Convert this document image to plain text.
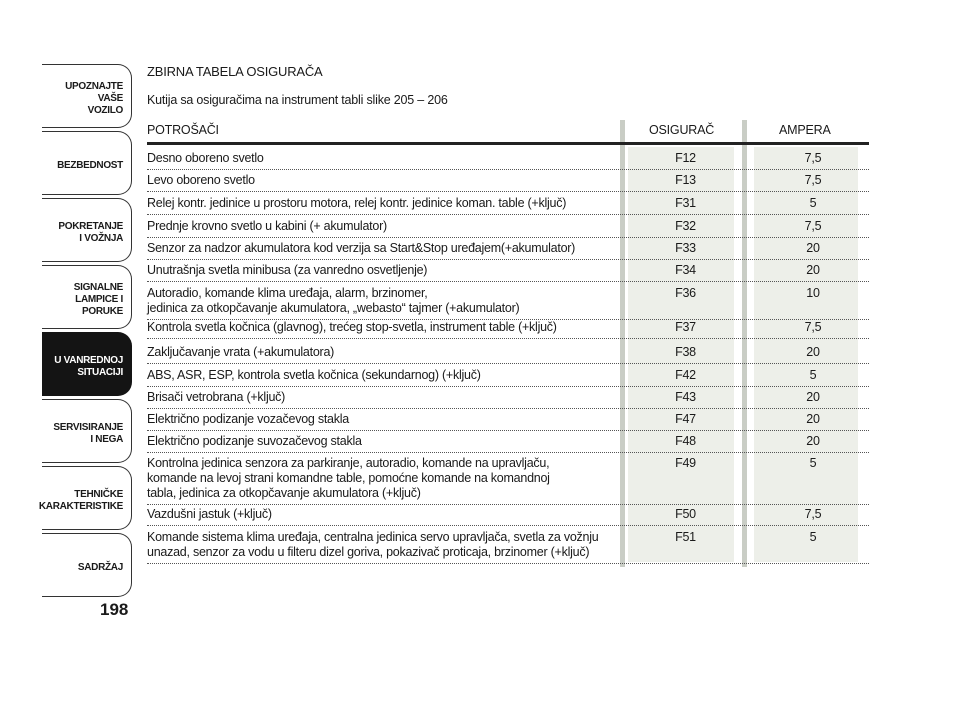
UPOZNAJTE
VAŠE
VOZILO
BEZBEDNOST
POKRETANJE
I VOŽNJA
SIGNALNE
LAMPICE I PORUKE
U VANREDNOJ
SITUACIJI
SERVISIRANJE
I NEGA
TEHNIČKE
KARAKTERISTIKE
SADRŽAJ
198
ZBIRNA TABELA OSIGURAČA
Kutija sa osiguračima na instrument tabli slike 205 – 206
POTROŠAČI	OSIGURAČ	AMPERA
Desno oboreno svetlo	F12	7,5
Levo oboreno svetlo	F13	7,5
Relej kontr. jedinice u prostoru motora, relej kontr. jedinice koman. table (+ključ)	F31	5
Prednje krovno svetlo u kabini (+ akumulator)	F32	7,5
Senzor za nadzor akumulatora kod verzija sa Start&Stop uređajem(+akumulator)	F33	20
Unutrašnja svetla minibusa (za vanredno osvetljenje)	F34	20
Autoradio, komande klima uređaja, alarm, brzinomer,
jedinica za otkopčavanje akumulatora, „webasto“ tajmer (+akumulator)
F36	10
Kontrola svetla kočnica (glavnog), trećeg stop-svetla, instrument table (+ključ)	F37	7,5
Zaključavanje vrata (+akumulatora)	F38	20
ABS, ASR, ESP, kontrola svetla kočnica (sekundarnog) (+ključ)	F42	5
Brisači vetrobrana (+ključ)	F43	20
Električno podizanje vozačevog stakla	F47	20
Električno podizanje suvozačevog stakla	F48	20
Kontrolna jedinica senzora za parkiranje, autoradio, komande na upravljaču,
komande na levoj strani komandne table, pomoćne komande na komandnoj
tabla, jedinica za otkopčavanje akumulatora (+ključ)
F49	5
Vazdušni jastuk (+ključ)	F50	7,5
Komande sistema klima uređaja, centralna jedinica servo upravljača, svetla za vožnju
unazad, senzor za vodu u filteru dizel goriva, pokazivač proticaja, brzinomer (+ključ)
F51	5
